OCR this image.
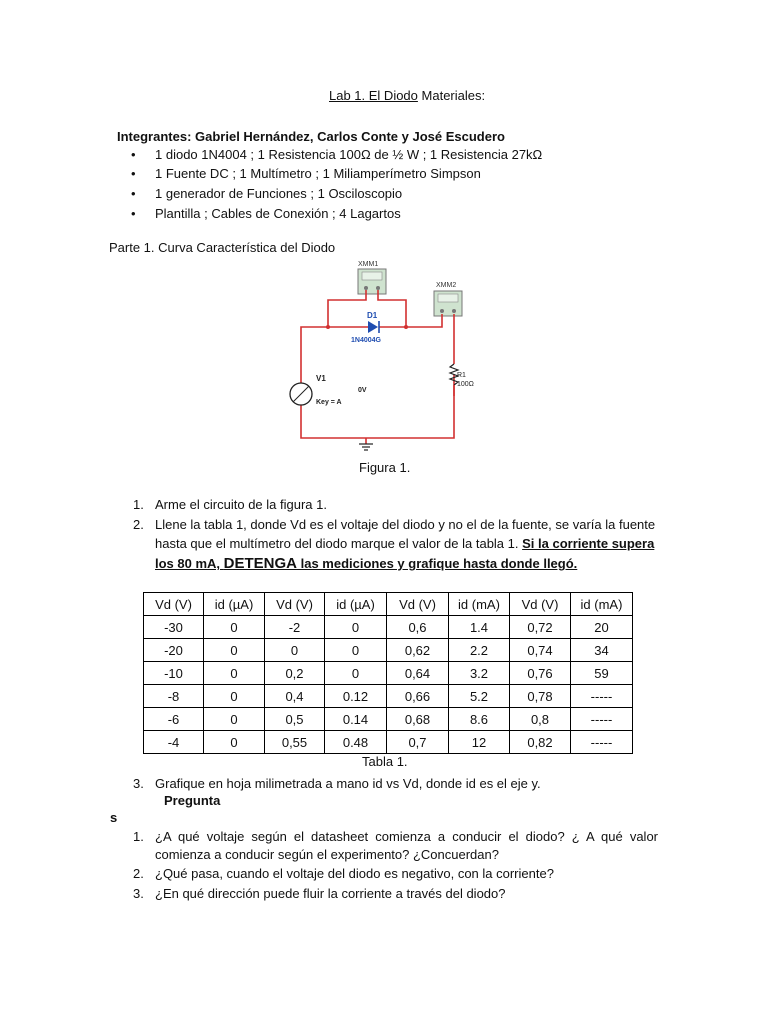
Lab 1. El Diodo Materiales:
Integrantes: Gabriel Hernández, Carlos Conte y José Escudero
• 1 diodo 1N4004 ; 1 Resistencia 100Ω de ½ W ; 1 Resistencia 27kΩ
• 1 Fuente DC ; 1 Multímetro ; 1 Miliamperímetro Simpson
• 1 generador de Funciones ; 1 Osciloscopio
• Plantilla ; Cables de Conexión ; 4 Lagartos
Parte 1. Curva Característica del Diodo
XMM1
XMM2
D1
1N4004G
V1
Key = A
0V
R1
100Ω
Figura 1.
1. Arme el circuito de la figura 1.
2. Llene la tabla 1, donde Vd es el voltaje del diodo y no el de la fuente, se varía la fuente
hasta que el multímetro del diodo marque el valor de la tabla 1. Si la corriente supera
los 80 mA, DETENGA las mediciones y grafique hasta donde llegó.
Vd (V)	id (µA)	Vd (V)	id (µA)	Vd (V)	id (mA)	Vd (V)	id (mA)
-30	0	-2	0	0,6	1.4	0,72	20
-20	0	0	0	0,62	2.2	0,74	34
-10	0	0,2	0	0,64	3.2	0,76	59
-8	0	0,4	0.12	0,66	5.2	0,78	-----
-6	0	0,5	0.14	0,68	8.6	0,8	-----
-4	0	0,55	0.48	0,7	12	0,82	-----
Tabla 1.
3. Grafique en hoja milimetrada a mano id vs Vd, donde id es el eje y.
Pregunta
s
1. ¿A qué voltaje según el datasheet comienza a conducir el diodo? ¿ A qué valor
comienza a conducir según el experimento? ¿Concuerdan?
2. ¿Qué pasa, cuando el voltaje del diodo es negativo, con la corriente?
3. ¿En qué dirección puede fluir la corriente a través del diodo?
